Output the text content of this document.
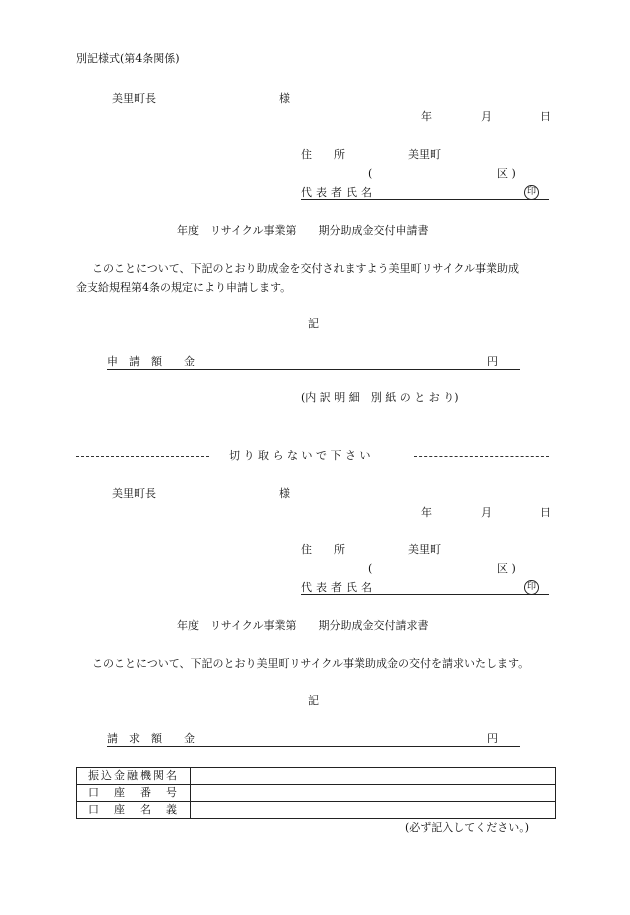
別記様式(第4条関係)
美里町長	様
年	月	日
住　　所	美里町
(	区 )
代表者氏名	印
年度　リサイクル事業第　　期分助成金交付申請書
このことについて、下記のとおり助成金を交付されますよう美里町リサイクル事業助成
金支給規程第4条の規定により申請します。
記
申　請　額　　金	円
(内 訳 明 細　別 紙 の と お り)
切 り 取 ら な い で 下 さ い
美里町長	様
年	月	日
住　　所	美里町
(	区 )
代表者氏名	印
年度　リサイクル事業第　　期分助成金交付請求書
このことについて、下記のとおり美里町リサイクル事業助成金の交付を請求いたします。
記
請　求　額　　金	円
振込金融機関名	
口　座　番　号	
口　座　名　義	
(必ず記入してください。)
